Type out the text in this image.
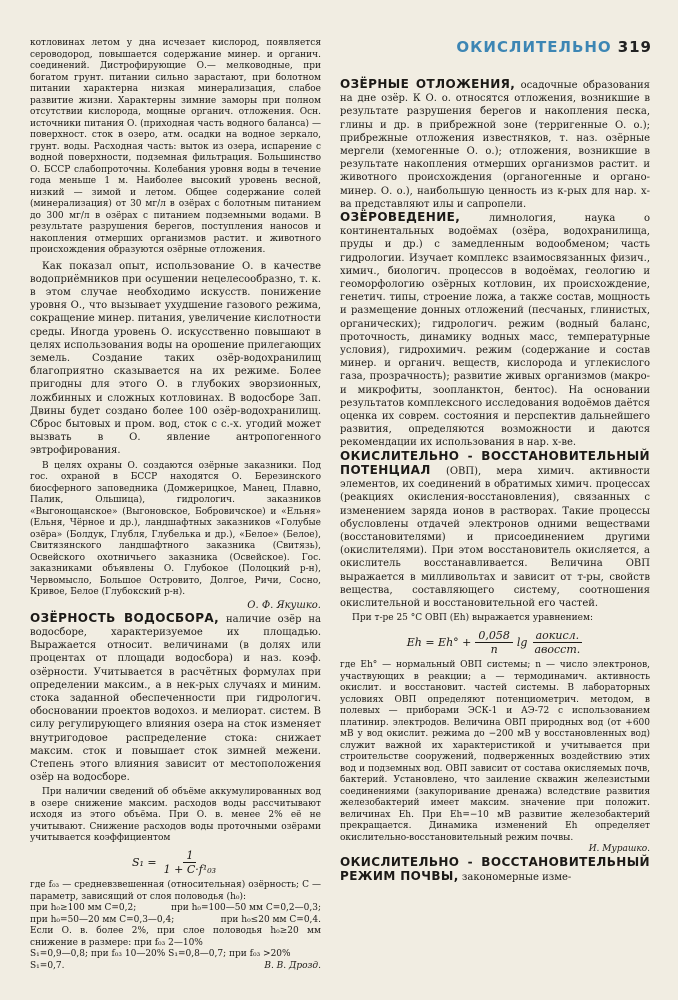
ОКИСЛИТЕЛЬНО 319

котловинах летом у дна исчезает кислород, появляется сероводород, повышается содержание минер. и органич. соединений. Дистрофирующие О.— мелководные, при богатом грунт. питании сильно зарастают, при болотном питании характерна низкая минерализация, слабое развитие жизни. Характерны зимние заморы при полном отсутствии кислорода, мощные органич. отложения. Осн. источники питания О. (приходная часть водного баланса) — поверхност. сток в озеро, атм. осадки на водное зеркало, грунт. воды. Расходная часть: выток из озера, испарение с водной поверхности, подземная фильтрация. Большинство О. БССР слабопроточны. Колебания уровня воды в течение года меньше 1 м. Наиболее высокий уровень весной, низкий — зимой и летом. Общее содержание солей (минерализация) от 30 мг/л в озёрах с болотным питанием до 300 мг/л в озёрах с питанием подземными водами. В результате разрушения берегов, поступления наносов и накопления отмерших организмов растит. и животного происхождения образуются озёрные отложения.

Как показал опыт, использование О. в качестве водоприёмников при осушении нецелесообразно, т. к. в этом случае необходимо искусств. понижение уровня О., что вызывает ухудшение газового режима, сокращение минер. питания, увеличение кислотности среды. Иногда уровень О. искусственно повышают в целях использования воды на орошение прилегающих земель. Создание таких озёр-водохранилищ благоприятно сказывается на их режиме. Более пригодны для этого О. в глубоких эворзионных, ложбинных и сложных котловинах. В водосборе Зап. Двины будет создано более 100 озёр-водохранилищ. Сброс бытовых и пром. вод, сток с с.-х. угодий может вызвать в О. явление антропогенного эвтрофирования.

В целях охраны О. создаются озёрные заказники. Под гос. охраной в БССР находятся О. Березинского биосферного заповедника (Домжерицкое, Манец, Плавно, Палик, Ольшица), гидрологич. заказников «Выгонощанское» (Выгоновское, Бобровичское) и «Ельня» (Ельня, Чёрное и др.), ландшафтных заказников «Голубые озёра» (Болдук, Глубля, Глубелька и др.), «Белое» (Белое), Свитязянского ландшафтного заказника (Свитязь), Освейского охотничьего заказника (Освейское). Гос. заказниками объявлены О. Глубокое (Полоцкий р-н), Червомысло, Большое Островито, Долгое, Ричи, Сосно, Кривое, Белое (Глубокский р-н).

О. Ф. Якушко.

ОЗЁРНОСТЬ ВОДОСБОРА, наличие озёр на водосборе, характеризуемое их площадью. Выражается относит. величинами (в долях или процентах от площади водосбора) и наз. коэф. озёрности. Учитывается в расчётных формулах при определении максим., а в нек-рых случаях и миним. стока заданной обеспеченности при гидрологич. обосновании проектов водохоз. и мелиорат. систем. В силу регулирующего влияния озера на сток изменяет внутригодовое распределение стока: снижает максим. сток и повышает сток зимней межени. Степень этого влияния зависит от местоположения озёр на водосборе.

При наличии сведений об объёме аккумулированных вод в озере снижение максим. расходов воды рассчитывают исходя из этого объёма. При О. в. менее 2% её не учитывают. Снижение расходов воды проточными озёрами учитывается коэффициентом

$S_1 = \frac{1}{\text{1 + C·f¹₀₃}}$

где f₀₃ — средневзвешенная (относительная) озёрность; C — параметр, зависящий от слоя половодья (h₀):

при h₀≥100 мм C=0,2;	при h₀=100—50 мм C=0,2—0,3;
при h₀=50—20 мм C=0,3—0,4;	при h₀≤20 мм C=0,4.
Если О. в. более 2%, при слое половодья h₀≥20 мм снижение в размере: при f₀₃ 2—10%
S₁=0,9—0,8; при f₀₃ 10—20% S₁=0,8—0,7; при f₀₃ >20%
S₁=0,7.	В. В. Дрозд.

ОЗЁРНЫЕ ОТЛОЖЕНИЯ, осадочные образования на дне озёр. К О. о. относятся отложения, возникшие в результате разрушения берегов и накопления песка, глины и др. в прибрежной зоне (терригенные О. о.); прибрежные отложения известняков, т. наз. озёрные мергели (хемогенные О. о.); отложения, возникшие в результате накопления отмерших организмов растит. и животного происхождения (органогенные и органо-минер. О. о.), наибольшую ценность из к-рых для нар. х-ва представляют илы и сапропели.

ОЗЁРОВЕДЕНИЕ,	лимнология, наука о континентальных водоёмах (озёра, водохранилища, пруды и др.) с замедленным водообменом; часть гидрологии. Изучает комплекс взаимосвязанных физич., химич., биологич. процессов в водоёмах, геологию и геоморфологию озёрных котловин, их происхождение, генетич. типы, строение ложа, а также состав, мощность и размещение донных отложений (песчаных, глинистых, органических); гидрологич. режим (водный баланс, проточность, динамику водных масс, температурные условия), гидрохимич. режим (содержание и состав минер. и органич. веществ, кислорода и углекислого газа, прозрачность); развитие живых организмов (макро- и микрофиты, зоопланктон, бентос). На основании результатов комплексного исследования водоёмов даётся оценка их соврем. состояния и перспектив дальнейшего развития, определяются возможности и даются рекомендации их использования в нар. х-ве.

ОКИСЛИТЕЛЬНО - ВОССТАНОВИТЕЛЬНЫЙ ПОТЕНЦИАЛ (ОВП), мера химич. активности элементов, их соединений в обратимых химич. процессах (реакциях окисления-восстановления), связанных с изменением заряда ионов в растворах. Такие процессы обусловлены отдачей электронов одними веществами (восстановителями) и присоединением другими (окислителями). При этом восстановитель окисляется, а окислитель восстанавливается. Величина ОВП выражается в милливольтах и зависит от т-ры, свойств вещества, составляющего систему, соотношения окислительной и восстановительной его частей.

При т-ре 25 °С ОВП (Eh) выражается уравнением:

$Eh = Eh^\circ + \frac{0,058}{n}$ $\lg \frac{\text{aокисл.}}{\text{aвосст.}}$

где Eh° — нормальный ОВП системы; n — число электронов, участвующих в реакции; a — термодинамич. активность окислит. и восстановит. частей системы. В лабораторных условиях ОВП определяют потенциометрич. методом, в полевых — приборами ЭСК-1 и АЭ-72 с использованием платинир. электродов. Величина ОВП природных вод (от +600 мВ у вод окислит. режима до −200 мВ у восстановленных вод) служит важной их характеристикой и учитывается при строительстве сооружений, подверженных воздействию этих вод и подземных вод. ОВП зависит от состава окисляемых почв, бактерий. Установлено, что заиление скважин железистыми соединениями (закупоривание дренажа) вследствие развития железобактерий имеет максим. значение при положит. величинах Eh. При Eh=−10 мВ развитие железобактерий прекращается. Динамика изменений Eh определяет окислительно-восстановительный режим почвы.

И. Мурашко.

ОКИСЛИТЕЛЬНО - ВОССТАНОВИТЕЛЬНЫЙ РЕЖИМ ПОЧВЫ, закономерные изме-
